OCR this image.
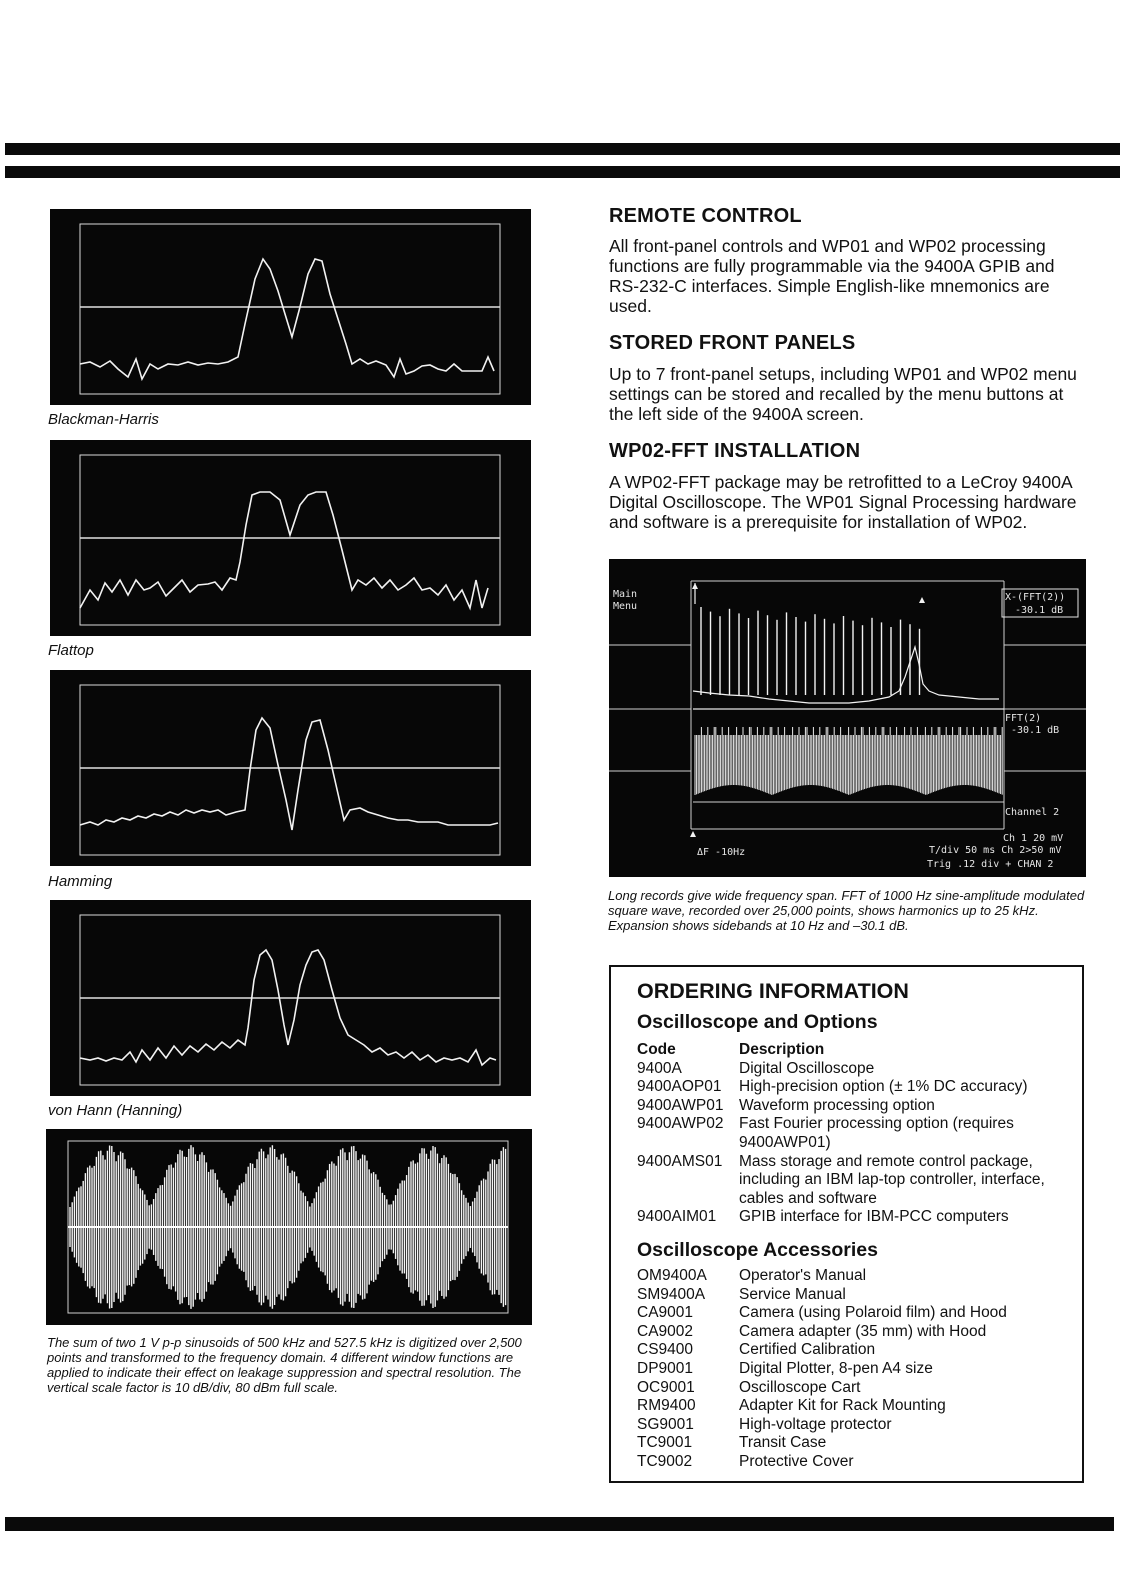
Blackman-Harris
Flattop
Hamming
von Hann (Hanning)
The sum of two 1 V p-p sinusoids of 500 kHz and 527.5 kHz is digitized over 2,500 points and transformed to the frequency domain. 4 different window functions are applied to indicate their effect on leakage suppression and spectral resolution. The vertical scale factor is 10 dB/div, 80 dBm full scale.
REMOTE CONTROL

All front-panel controls and WP01 and WP02 processing functions are fully programmable via the 9400A GPIB and RS-232-C interfaces. Simple English-like mnemonics are used.

STORED FRONT PANELS

Up to 7 front-panel setups, including WP01 and WP02 menu settings can be stored and recalled by the menu buttons at the left side of the 9400A screen.

WP02-FFT INSTALLATION

A WP02-FFT package may be retrofitted to a LeCroy 9400A Digital Oscilloscope. The WP01 Signal Processing hardware and software is a prerequisite for installation of WP02.

Main
Menu
X-(FFT(2))
-30.1 dB
FFT(2)
-30.1 dB
Channel 2
ΔF -10Hz
Ch 1 20 mV
T/div 50 ms Ch 2>50 mV
Trig .12 div + CHAN 2
Long records give wide frequency span. FFT of 1000 Hz sine-amplitude modulated square wave, recorded over 25,000 points, shows harmonics up to 25 kHz. Expansion shows sidebands at 10 Hz and –30.1 dB.
ORDERING INFORMATION
Oscilloscope and Options
Code	Description
9400A	Digital Oscilloscope
9400AOP01	High-precision option (± 1% DC accuracy)
9400AWP01	Waveform processing option
9400AWP02	Fast Fourier processing option (requires 9400AWP01)
9400AMS01	Mass storage and remote control package, including an IBM lap-top controller, interface, cables and software
9400AIM01	GPIB interface for IBM-PCC computers
Oscilloscope Accessories
OM9400A	Operator's Manual
SM9400A	Service Manual
CA9001	Camera (using Polaroid film) and Hood
CA9002	Camera adapter (35 mm) with Hood
CS9400	Certified Calibration
DP9001	Digital Plotter, 8-pen A4 size
OC9001	Oscilloscope Cart
RM9400	Adapter Kit for Rack Mounting
SG9001	High-voltage protector
TC9001	Transit Case
TC9002	Protective Cover
